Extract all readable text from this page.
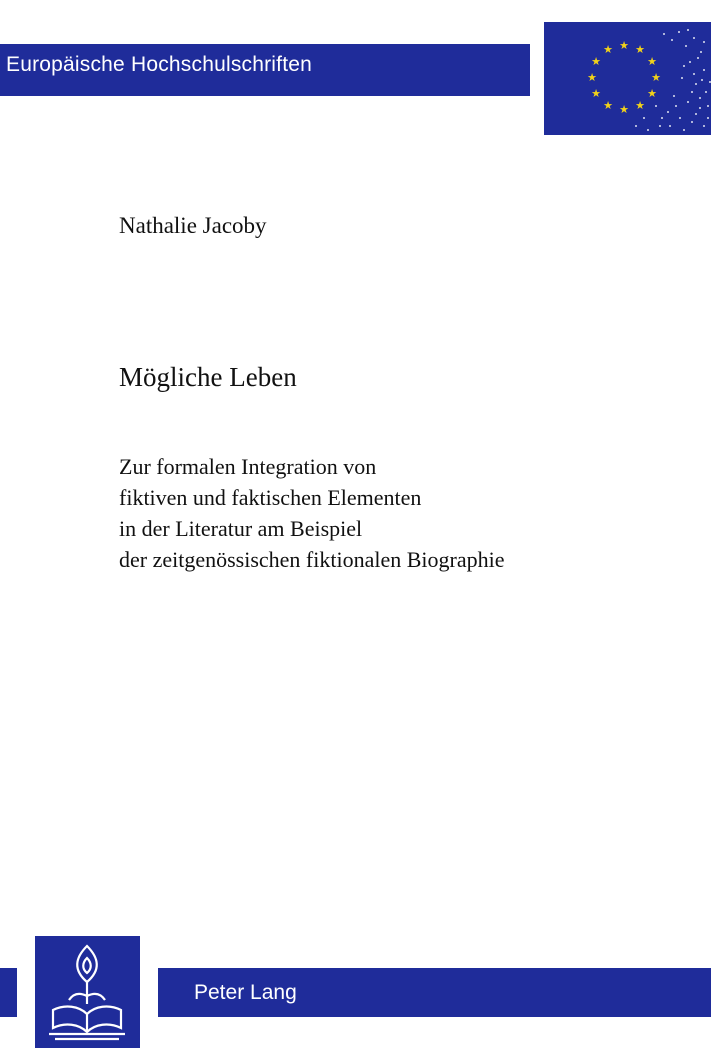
Europäische Hochschulschriften
★ ★
★
★
★
★
★
★
★
★
★
★
Nathalie Jacoby
Mögliche Leben
Zur formalen Integration von
fiktiven und faktischen Elementen
in der Literatur am Beispiel
der zeitgenössischen fiktionalen Biographie
Peter Lang
